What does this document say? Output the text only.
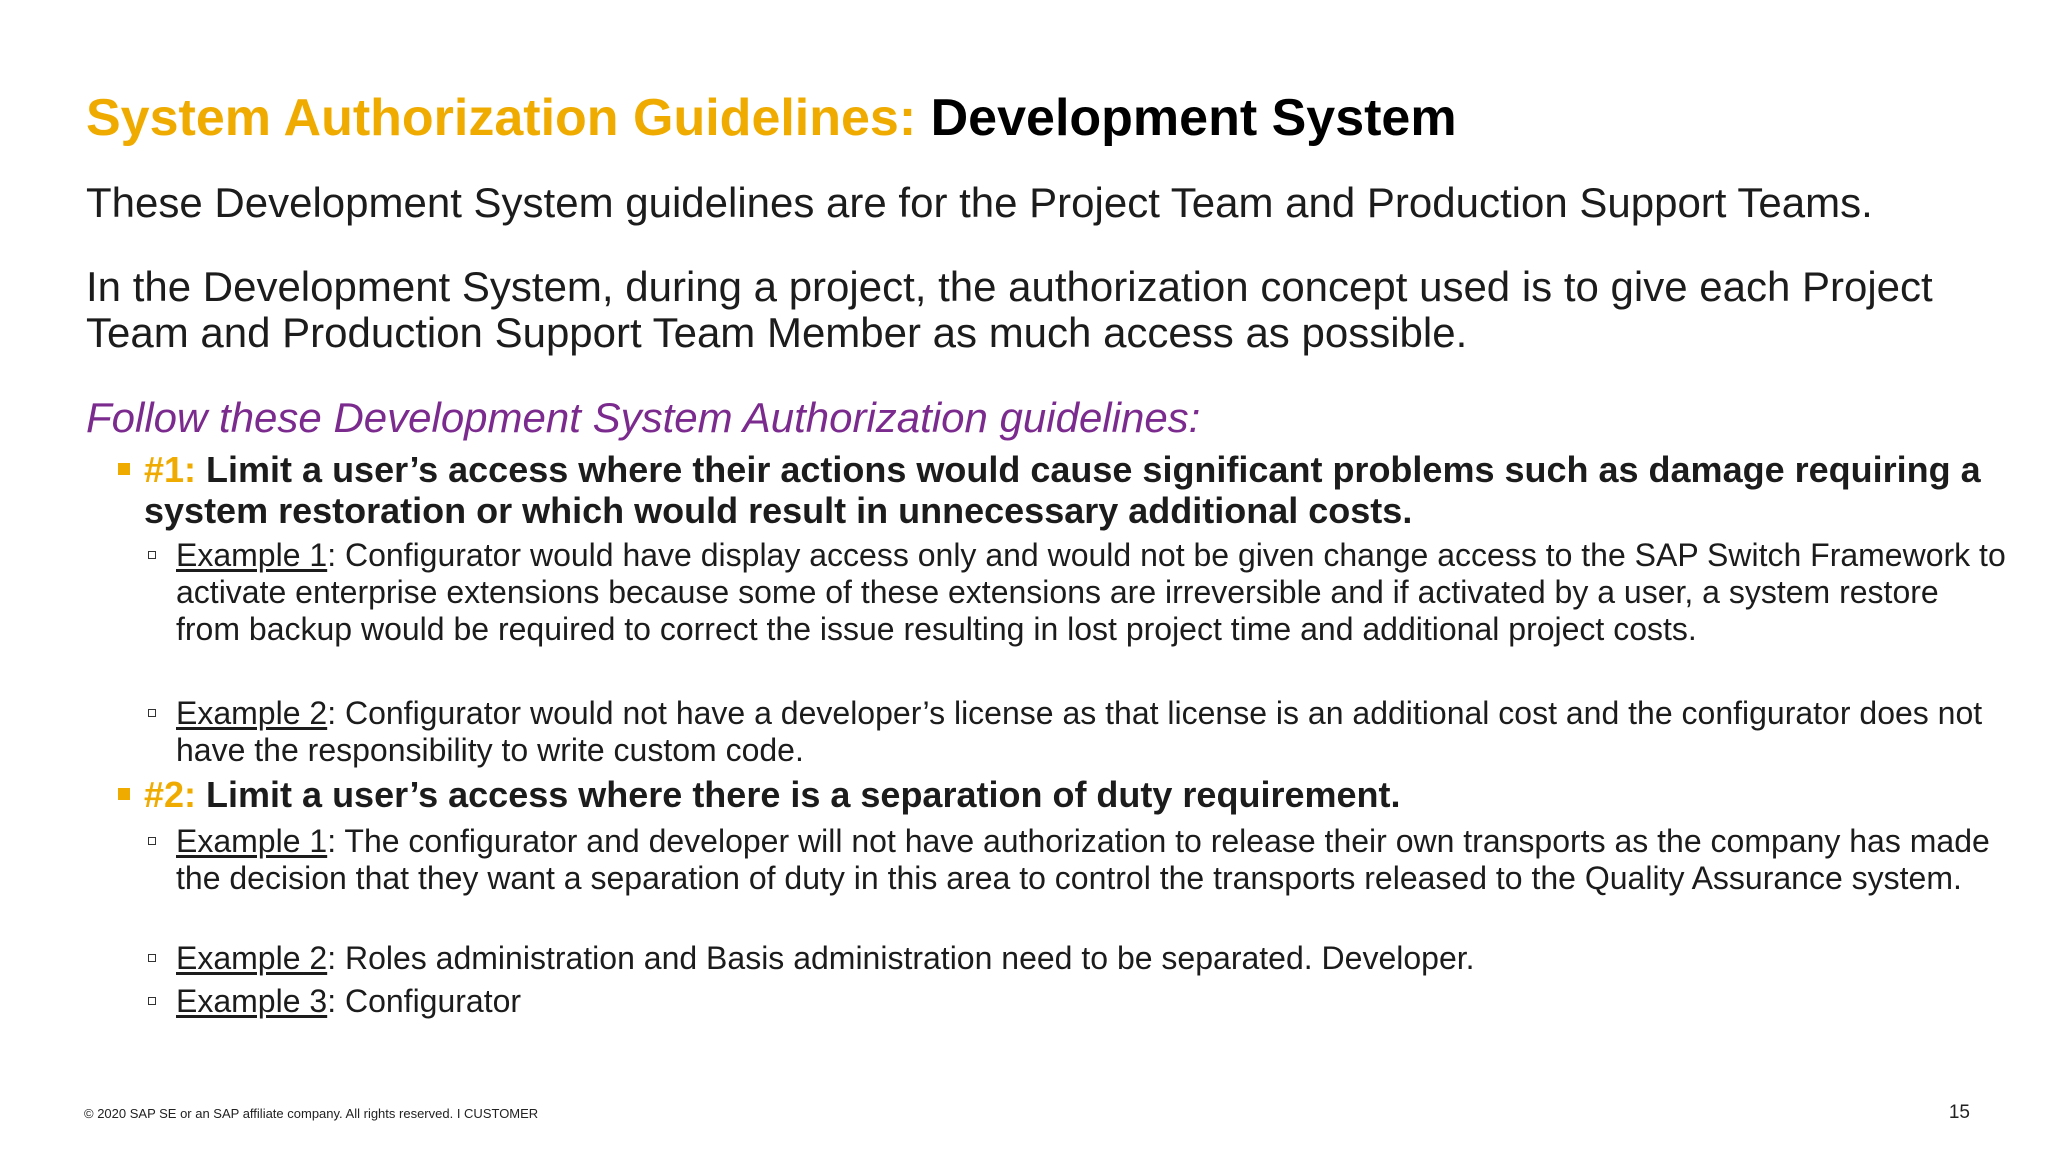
System Authorization Guidelines: Development System

These Development System guidelines are for the Project Team and Production Support Teams.

In the Development System, during a project, the authorization concept used is to give each Project Team and Production Support Team Member as much access as possible.

Follow these Development System Authorization guidelines:

#1: Limit a user’s access where their actions would cause significant problems such as damage requiring a system restoration or which would result in unnecessary additional costs.
Example 1: Configurator would have display access only and would not be given change access to the SAP Switch Framework to activate enterprise extensions because some of these extensions are irreversible and if activated by a user, a system restore from backup would be required to correct the issue resulting in lost project time and additional project costs.
Example 2: Configurator would not have a developer’s license as that license is an additional cost and the configurator does not have the responsibility to write custom code.
#2: Limit a user’s access where there is a separation of duty requirement.
Example 1: The configurator and developer will not have authorization to release their own transports as the company has made the decision that they want a separation of duty in this area to control the transports released to the Quality Assurance system.
Example 2: Roles administration and Basis administration need to be separated. Developer.
Example 3: Configurator
© 2020 SAP SE or an SAP affiliate company. All rights reserved. I CUSTOMER	15
